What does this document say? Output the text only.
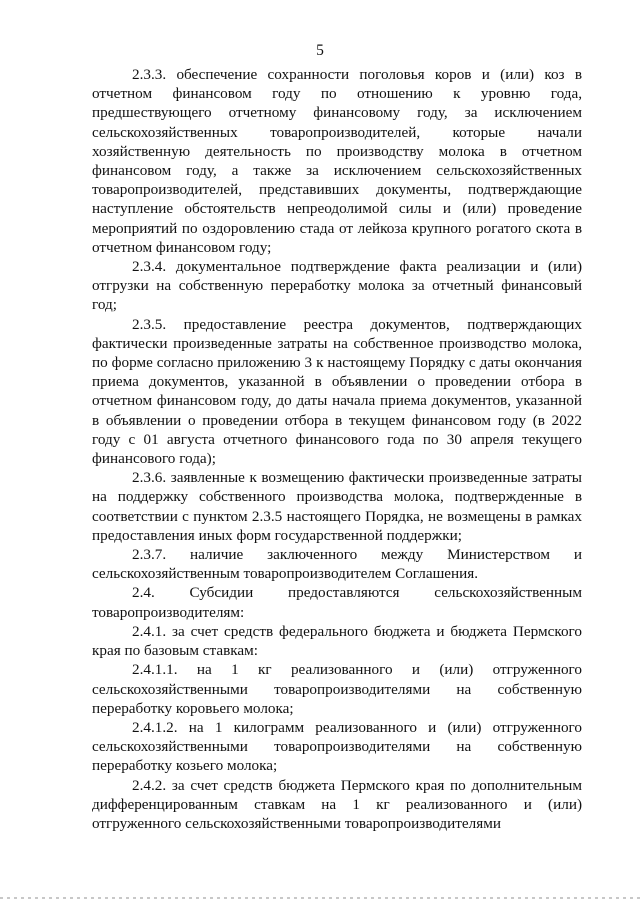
5

2.3.3. обеспечение сохранности поголовья коров и (или) коз в отчетном финансовом году по отношению к уровню года, предшествующего отчетному финансовому году, за исключением сельскохозяйственных товаропроизводителей, которые начали хозяйственную деятельность по производству молока в отчетном финансовом году, а также за исключением сельскохозяйственных товаропроизводителей, представивших документы, подтверждающие наступление обстоятельств непреодолимой силы и (или) проведение мероприятий по оздоровлению стада от лейкоза крупного рогатого скота в отчетном финансовом году;

2.3.4. документальное подтверждение факта реализации и (или) отгрузки на собственную переработку молока за отчетный финансовый год;

2.3.5. предоставление реестра документов, подтверждающих фактически произведенные затраты на собственное производство молока, по форме согласно приложению 3 к настоящему Порядку с даты окончания приема документов, указанной в объявлении о проведении отбора в отчетном финансовом году, до даты начала приема документов, указанной в объявлении о проведении отбора в текущем финансовом году (в 2022 году с 01 августа отчетного финансового года по 30 апреля текущего финансового года);

2.3.6. заявленные к возмещению фактически произведенные затраты на поддержку собственного производства молока, подтвержденные в соответствии с пунктом 2.3.5 настоящего Порядка, не возмещены в рамках предоставления иных форм государственной поддержки;

2.3.7. наличие заключенного между Министерством и сельскохозяйственным товаропроизводителем Соглашения.

2.4. Субсидии предоставляются сельскохозяйственным товаропроизводителям:

2.4.1. за счет средств федерального бюджета и бюджета Пермского края по базовым ставкам:

2.4.1.1. на 1 кг реализованного и (или) отгруженного сельскохозяйственными товаропроизводителями на собственную переработку коровьего молока;

2.4.1.2. на 1 килограмм реализованного и (или) отгруженного сельскохозяйственными товаропроизводителями на собственную переработку козьего молока;

2.4.2. за счет средств бюджета Пермского края по дополнительным дифференцированным ставкам на 1 кг реализованного и (или) отгруженного сельскохозяйственными товаропроизводителями
